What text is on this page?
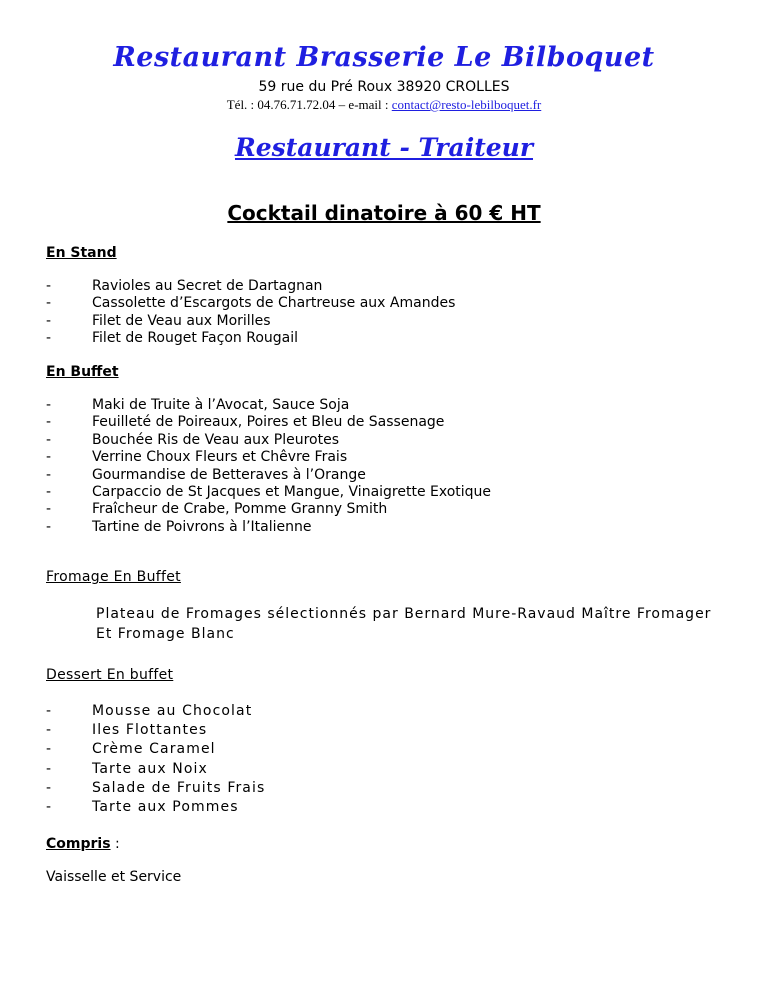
Restaurant Brasserie Le Bilboquet
59 rue du Pré Roux 38920 CROLLES
Tél. : 04.76.71.72.04 – e-mail : contact@resto-lebilboquet.fr
Restaurant - Traiteur
Cocktail dinatoire à 60 € HT
En Stand
-	Ravioles au Secret de Dartagnan
-	Cassolette d’Escargots de Chartreuse aux Amandes
-	Filet de Veau aux Morilles
-	Filet de Rouget Façon Rougail
En Buffet
-	Maki de Truite à l’Avocat, Sauce Soja
-	Feuilleté de Poireaux, Poires et Bleu de Sassenage
-	Bouchée Ris de Veau aux Pleurotes
-	Verrine Choux Fleurs et Chêvre Frais
-	Gourmandise de Betteraves à l’Orange
-	Carpaccio de St Jacques et Mangue, Vinaigrette Exotique
-	Fraîcheur de Crabe, Pomme Granny Smith
-	Tartine de Poivrons à l’Italienne
Fromage En Buffet
Plateau de Fromages sélectionnés par Bernard Mure-Ravaud Maître Fromager
Et Fromage Blanc
Dessert En buffet
-	Mousse au Chocolat
-	Iles Flottantes
-	Crème Caramel
-	Tarte aux Noix
-	Salade de Fruits Frais
-	Tarte aux Pommes
Compris :
Vaisselle et Service
